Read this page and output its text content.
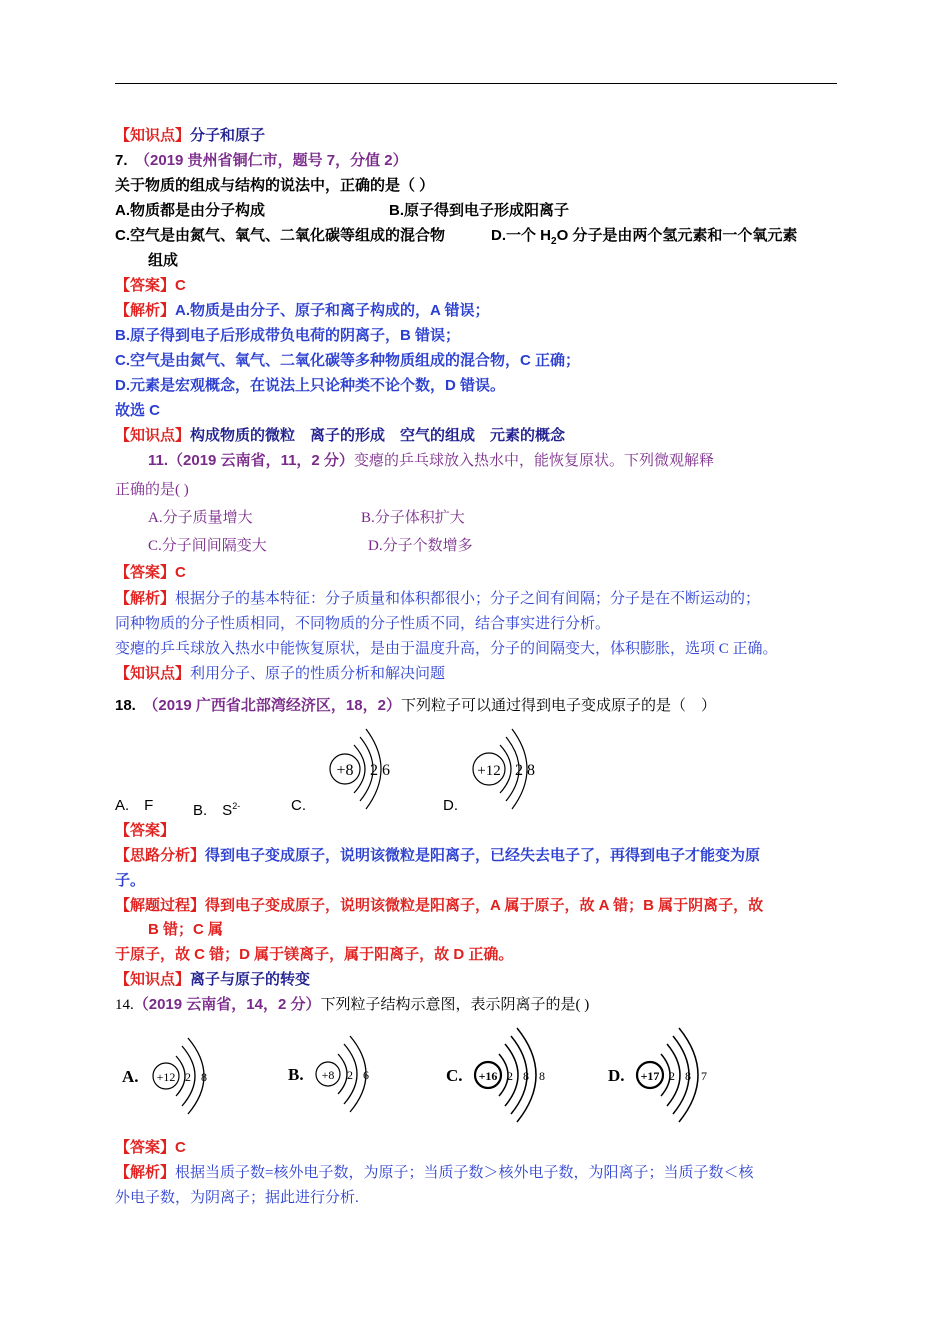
【知识点】分子和原子
7.　 （2019 贵州省铜仁市，题号 7，分值 2）
关于物质的组成与结构的说法中，正确的是（ ）
A.物质都是由分子构成	B.原子得到电子形成阳离子
C.空气是由氮气、氧气、二氧化碳等组成的混合物	D.一个 $H_2O$ 分子是由两个氢元素和一个氧元素
组成
【答案】C
【解析】A.物质是由分子、原子和离子构成的，A 错误；
B.原子得到电子后形成带负电荷的阴离子，B 错误；
C.空气是由氮气、氧气、二氧化碳等多种物质组成的混合物，C 正确；
D.元素是宏观概念，在说法上只论种类不论个数，D 错误。
故选 C
【知识点】构成物质的微粒　离子的形成　空气的组成　元素的概念
11.（2019 云南省，11，2 分）变瘪的乒乓球放入热水中，能恢复原状。下列微观解释
正确的是( )
A.分子质量增大	B.分子体积扩大
C.分子间间隔变大	D.分子个数增多
【答案】C
【解析】根据分子的基本特征：分子质量和体积都很小；分子之间有间隔；分子是在不断运动的；
同种物质的分子性质相同，不同物质的分子性质不同，结合事实进行分析。
变瘪的乒乓球放入热水中能恢复原状，是由于温度升高，分子的间隔变大，体积膨胀，选项 C 正确。
【知识点】利用分子、原子的性质分析和解决问题
18.　 （2019 广西省北部湾经济区，18，2）下列粒子可以通过得到电子变成原子的是（　）
+8 2 6	+12 2 8
A.　F	B.　$S^{2-}$	C.	D.
【答案】
【思路分析】得到电子变成原子，说明该微粒是阳离子，已经失去电子了，再得到电子才能变为原
子。
【解题过程】得到电子变成原子，说明该微粒是阳离子，A 属于原子，故 A 错；B 属于阴离子，故
B 错；C 属
于原子，故 C 错；D 属于镁离子，属于阳离子，故 D 正确。
【知识点】离子与原子的转变
14.（2019 云南省，14，2 分）下列粒子结构示意图，表示阴离子的是( )
A. +12 2 8	B. +8 2 6	C. +16 2 8 8	D. +17 2 8 7
【答案】C
【解析】根据当质子数=核外电子数，为原子；当质子数＞核外电子数，为阳离子；当质子数＜核
外电子数，为阴离子；据此进行分析.
